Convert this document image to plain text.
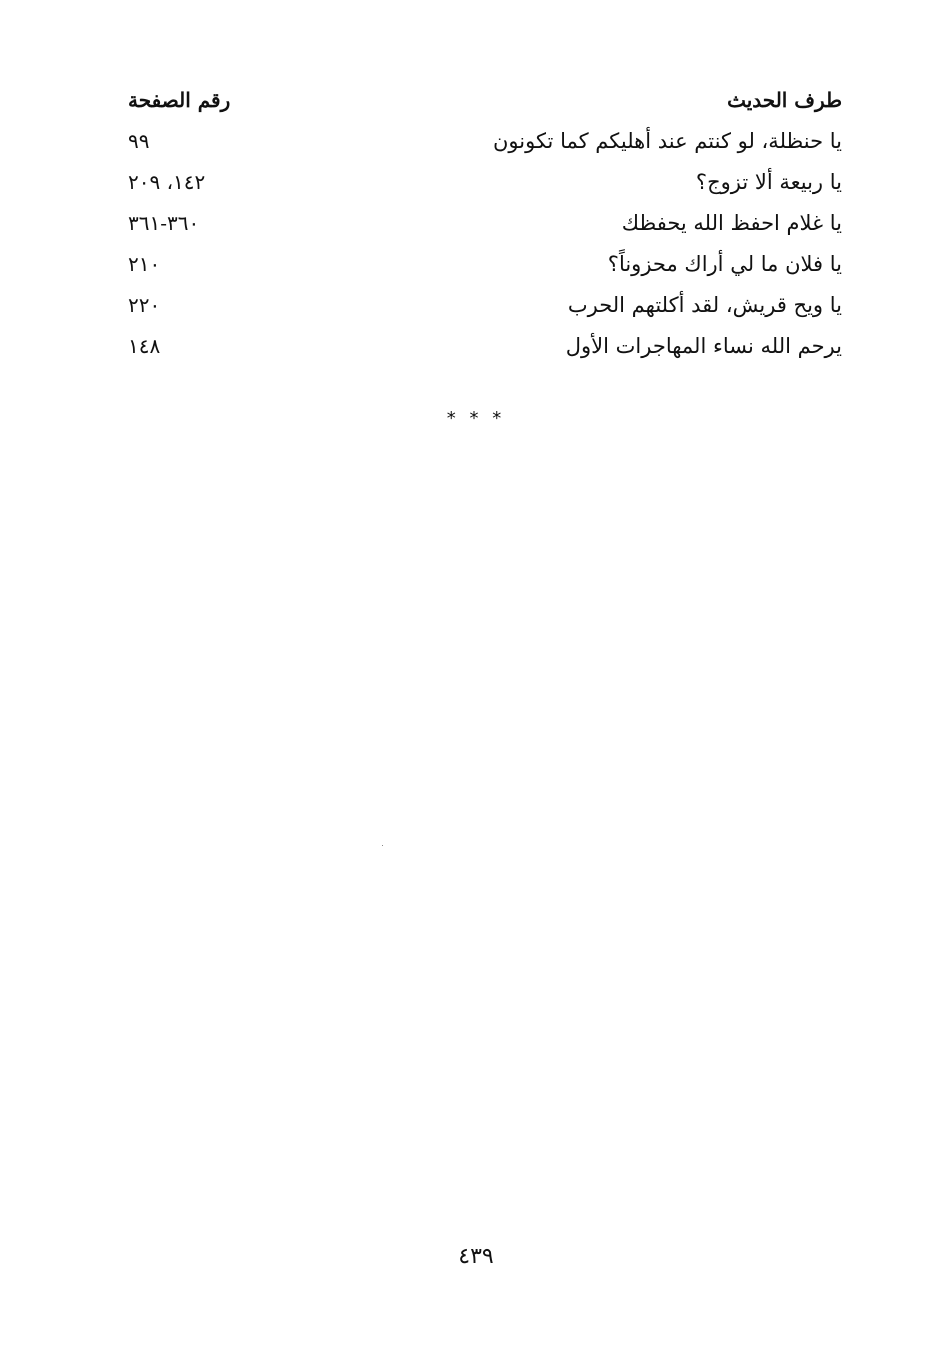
طرف الحديث
رقم الصفحة
يا حنظلة، لو كنتم عند أهليكم كما تكونون
٩٩
يا ربيعة ألا تزوج؟
١٤٢، ٢٠٩
يا غلام احفظ الله يحفظك
٣٦٠-٣٦١
يا فلان ما لي أراك محزوناً؟
٢١٠
يا ويح قريش، لقد أكلتهم الحرب
٢٢٠
يرحم الله نساء المهاجرات الأول
١٤٨
* * *
٤٣٩
